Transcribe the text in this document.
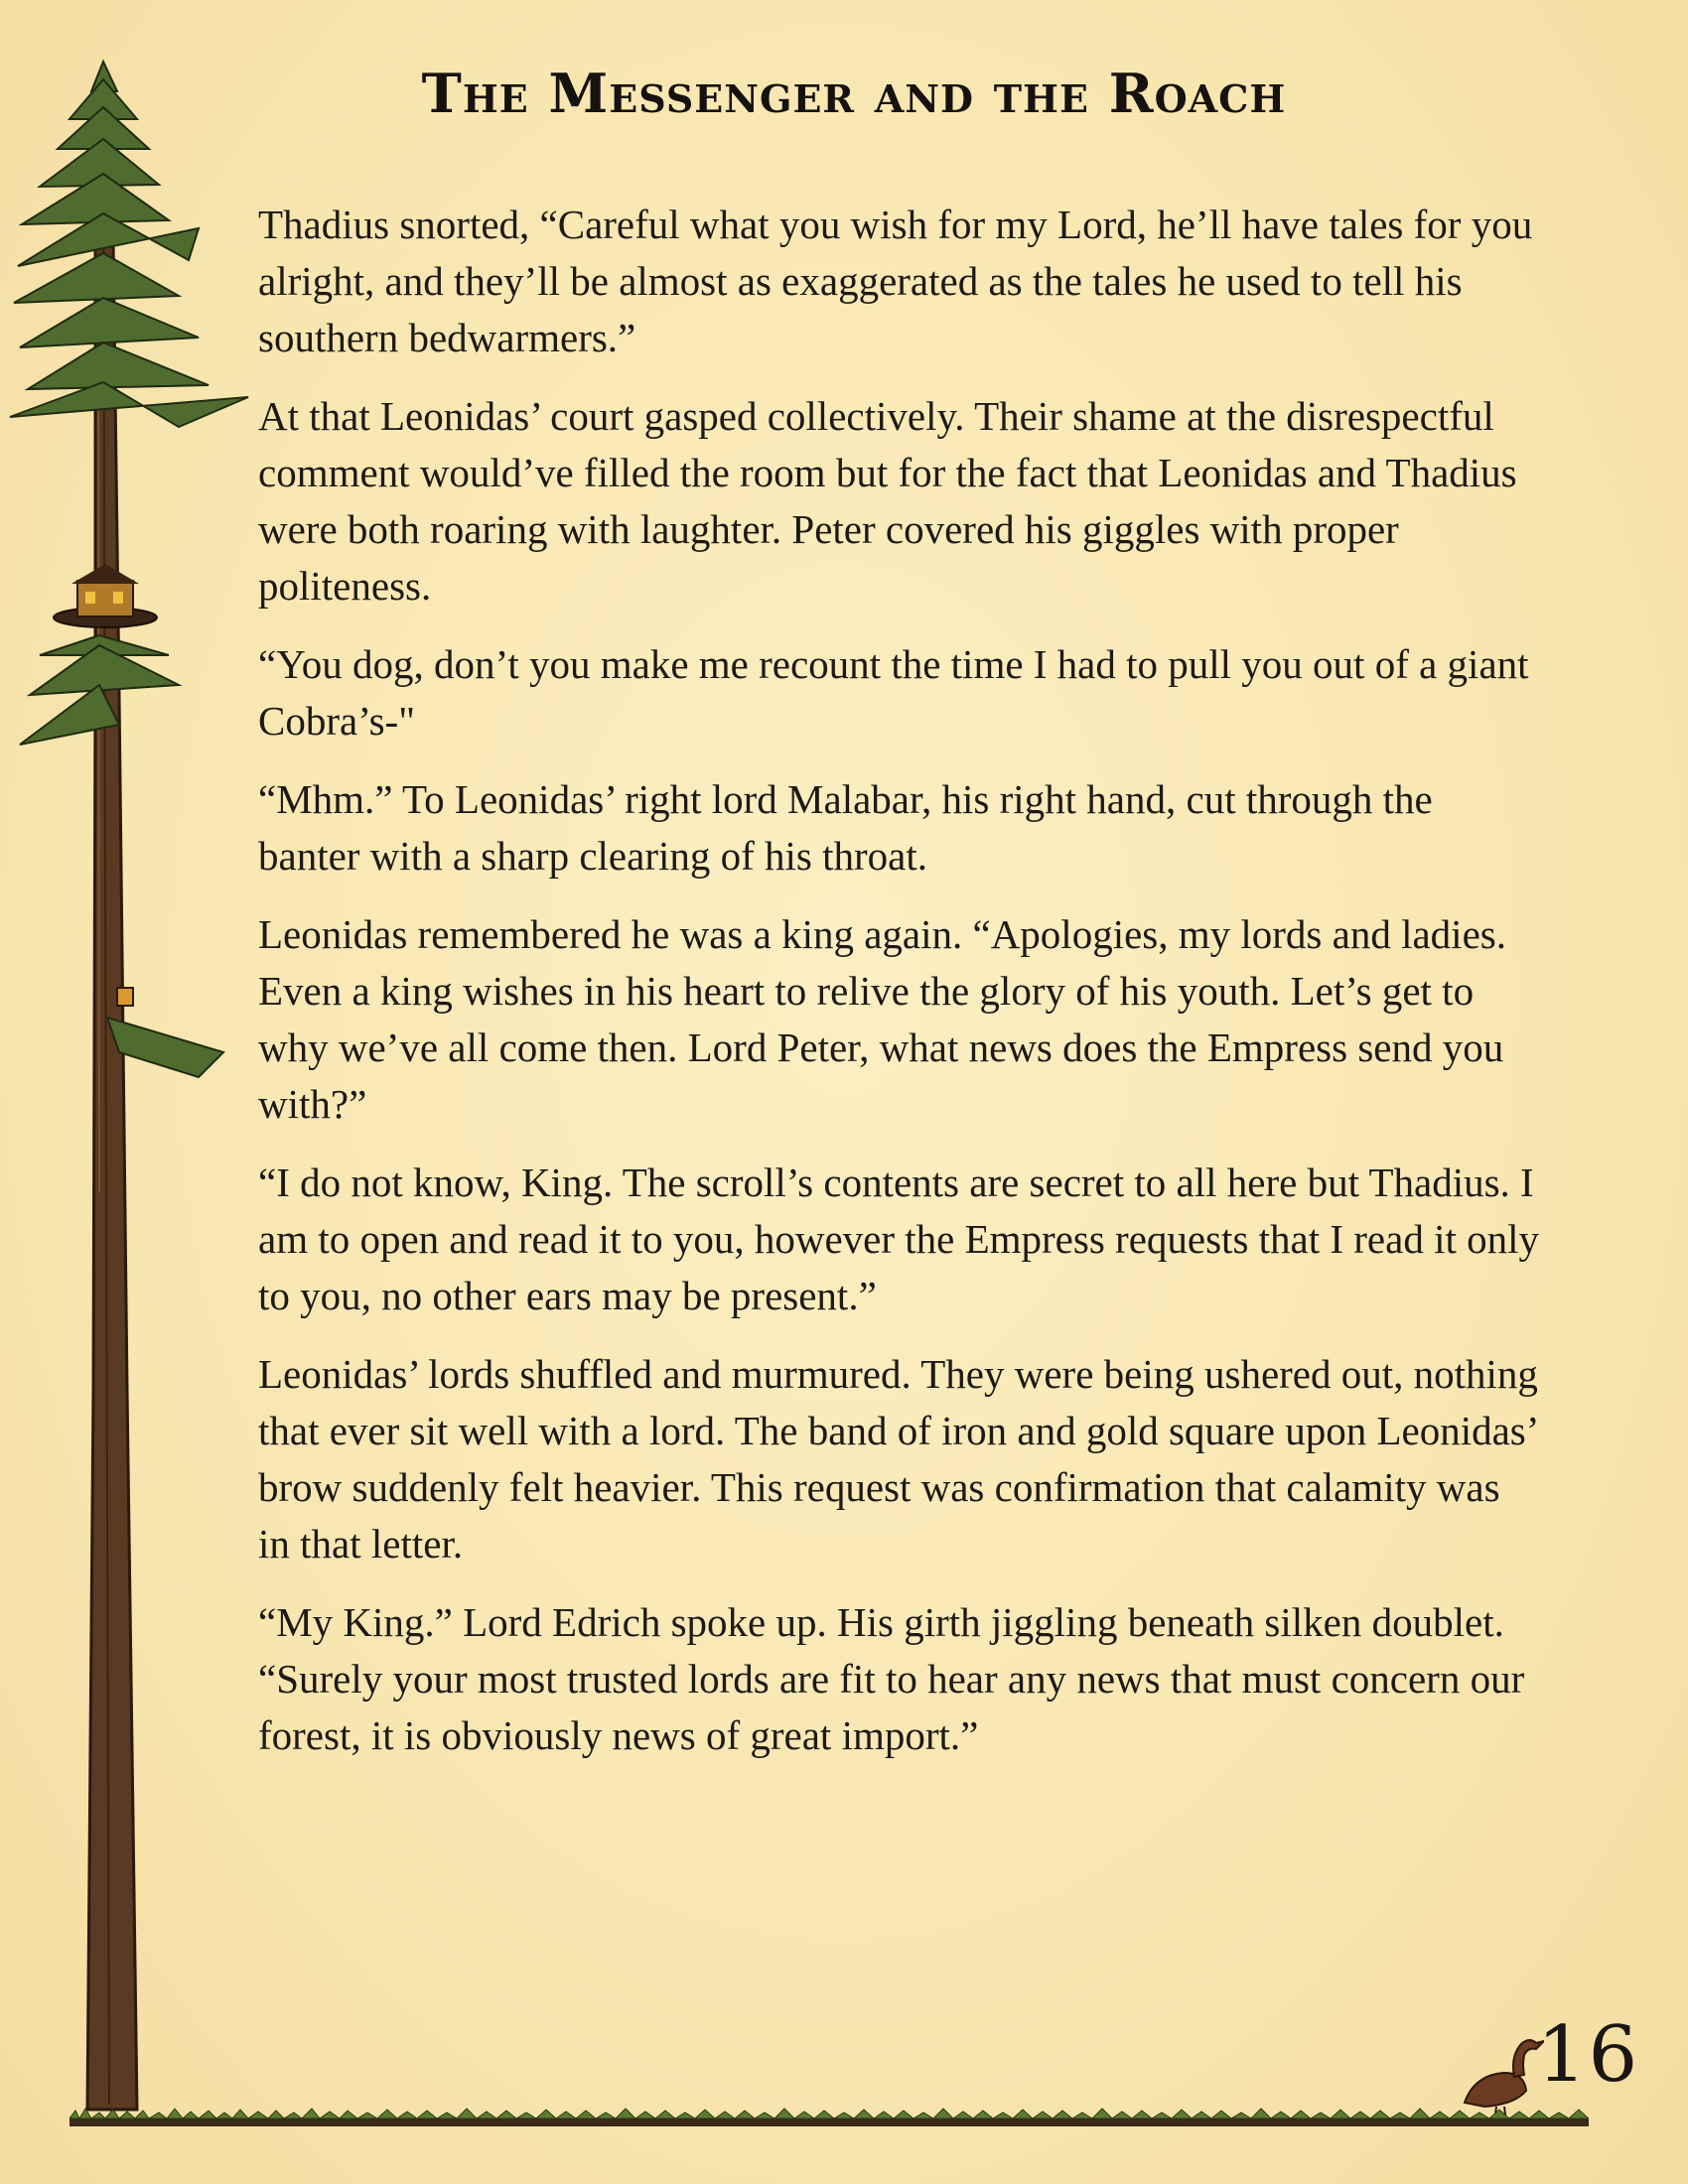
The Messenger and the Roach

Thadius snorted, “Careful what you wish for my Lord, he’ll have tales for you alright, and they’ll be almost as exaggerated as the tales he used to tell his southern bedwarmers.”

At that Leonidas’ court gasped collectively. Their shame at the disrespectful comment would’ve filled the room but for the fact that Leonidas and Thadius were both roaring with laughter. Peter covered his giggles with proper politeness.

“You dog, don’t you make me recount the time I had to pull you out of a giant Cobra’s-"

“Mhm.” To Leonidas’ right lord Malabar, his right hand, cut through the banter with a sharp clearing of his throat.

Leonidas remembered he was a king again. “Apologies, my lords and ladies. Even a king wishes in his heart to relive the glory of his youth. Let’s get to why we’ve all come then. Lord Peter, what news does the Empress send you with?”

“I do not know, King. The scroll’s contents are secret to all here but Thadius. I am to open and read it to you, however the Empress requests that I read it only to you, no other ears may be present.”

Leonidas’ lords shuffled and murmured. They were being ushered out, nothing that ever sit well with a lord. The band of iron and gold square upon Leonidas’ brow suddenly felt heavier. This request was confirmation that calamity was in that letter.

“My King.” Lord Edrich spoke up. His girth jiggling beneath silken doublet. “Surely your most trusted lords are fit to hear any news that must concern our forest, it is obviously news of great import.”

16
